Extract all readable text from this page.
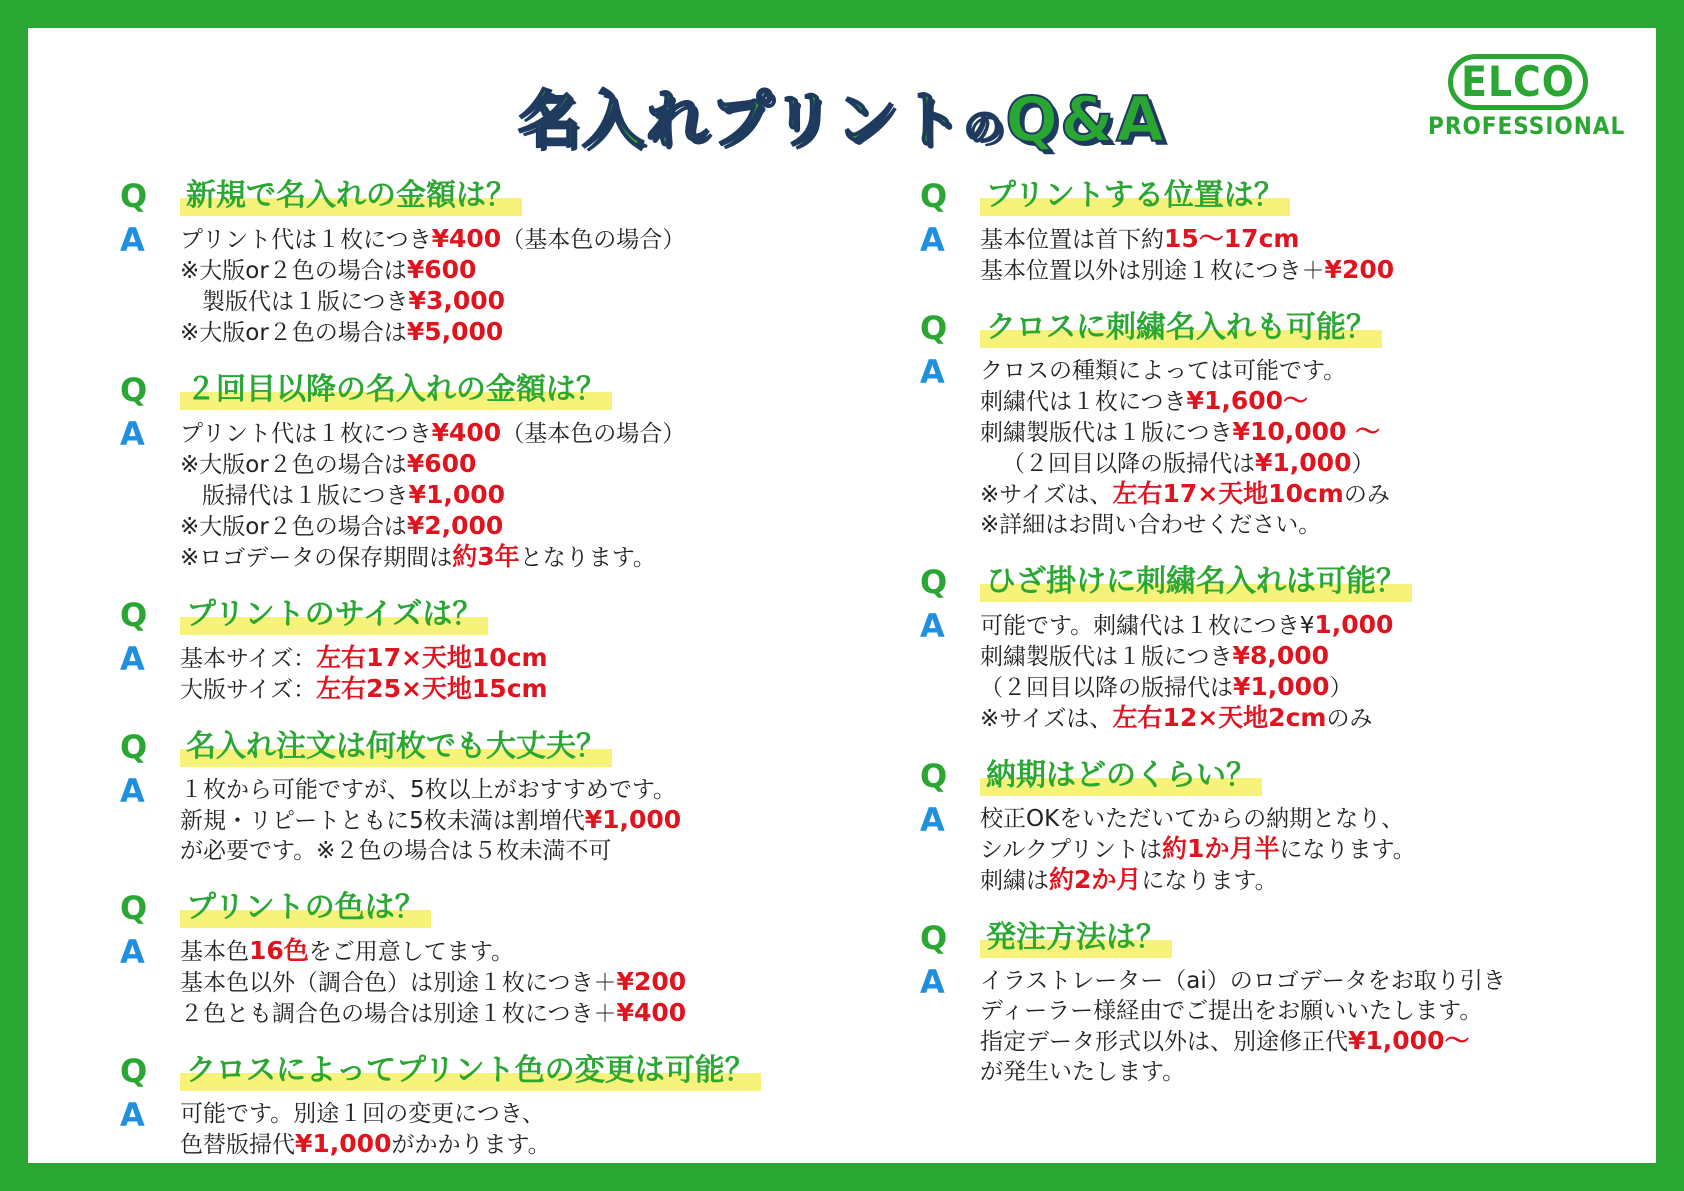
名入れプリントのQ&A
ELCO
PROFESSIONAL
Q	新規で名入れの金額は？
A	プリント代は１枚につき¥400（基本色の場合）
※大版or２色の場合は¥600
製版代は１版につき¥3,000
※大版or２色の場合は¥5,000
Q	２回目以降の名入れの金額は？
A	プリント代は１枚につき¥400（基本色の場合）
※大版or２色の場合は¥600
版掃代は１版につき¥1,000
※大版or２色の場合は¥2,000
※ロゴデータの保存期間は約3年となります。
Q	プリントのサイズは？
A	基本サイズ：左右17×天地10cm
大版サイズ：左右25×天地15cm
Q	名入れ注文は何枚でも大丈夫？
A	１枚から可能ですが、5枚以上がおすすめです。
新規・リピートともに5枚未満は割増代¥1,000
が必要です。※２色の場合は５枚未満不可
Q	プリントの色は？
A	基本色16色をご用意してます。
基本色以外（調合色）は別途１枚につき＋¥200
２色とも調合色の場合は別途１枚につき＋¥400
Q	クロスによってプリント色の変更は可能？
A	可能です。別途１回の変更につき、
色替版掃代¥1,000がかかります。
Q	プリントする位置は？
A	基本位置は首下約15〜17cm
基本位置以外は別途１枚につき＋¥200
Q	クロスに刺繍名入れも可能？
A	クロスの種類によっては可能です。
刺繍代は１枚につき¥1,600〜
刺繍製版代は１版につき¥10,000 〜
（２回目以降の版掃代は¥1,000）
※サイズは、左右17×天地10cmのみ
※詳細はお問い合わせください。
Q	ひざ掛けに刺繍名入れは可能？
A	可能です。刺繍代は１枚につき¥1,000
刺繍製版代は１版につき¥8,000
（２回目以降の版掃代は¥1,000）
※サイズは、左右12×天地2cmのみ
Q	納期はどのくらい？
A	校正OKをいただいてからの納期となり、
シルクプリントは約1か月半になります。
刺繍は約2か月になります。
Q	発注方法は？
A	イラストレーター（ai）のロゴデータをお取り引き
ディーラー様経由でご提出をお願いいたします。
指定データ形式以外は、別途修正代¥1,000〜
が発生いたします。
